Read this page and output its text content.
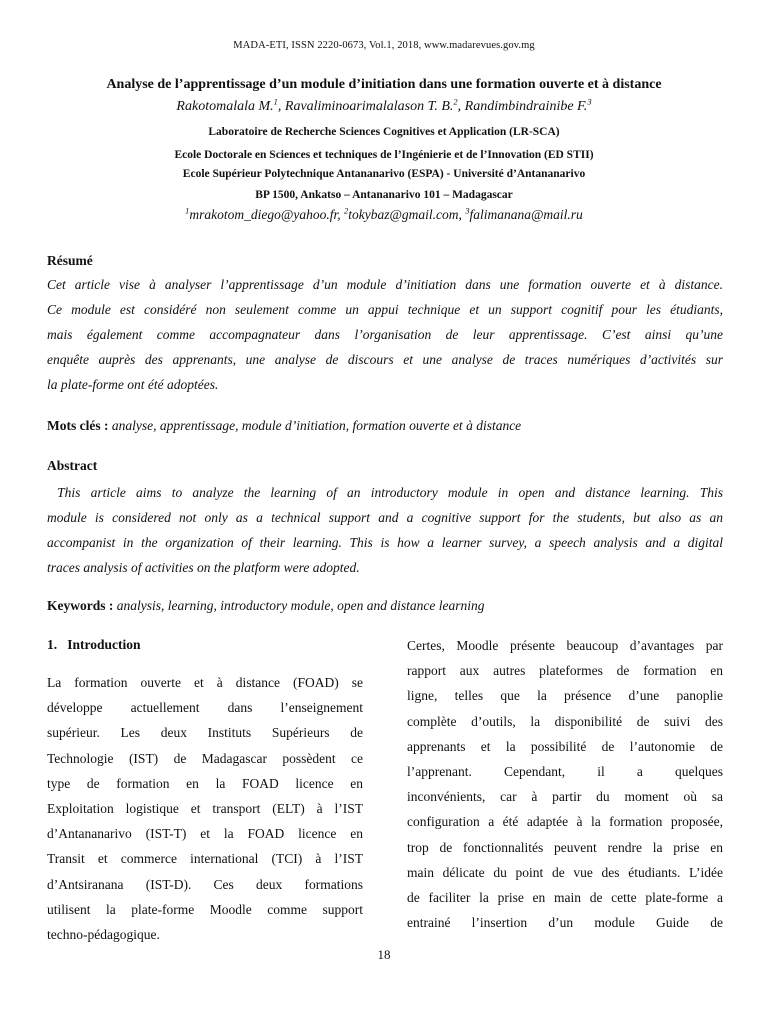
MADA-ETI, ISSN 2220-0673, Vol.1, 2018, www.madarevues.gov.mg
Analyse de l’apprentissage d’un module d’initiation dans une formation ouverte et à distance
Rakotomalala M.$^1$, Ravaliminoarimalalason T. B.$^2$, Randimbindrainibe F.$^3$
Laboratoire de Recherche Sciences Cognitives et Application (LR-SCA)
Ecole Doctorale en Sciences et techniques de l’Ingénierie et de l’Innovation (ED STII)
Ecole Supérieur Polytechnique Antananarivo (ESPA) - Université d’Antananarivo
BP 1500, Ankatso – Antananarivo 101 – Madagascar
$^1$mrakotom_diego@yahoo.fr, $^2$tokybaz@gmail.com, $^3$falimanana@mail.ru
Résumé
Cet article vise à analyser l’apprentissage d’un module d’initiation dans une formation ouverte et à distance.
Ce module est considéré non seulement comme un appui technique et un support cognitif pour les étudiants,
mais également comme accompagnateur dans l’organisation de leur apprentissage. C’est ainsi qu’une
enquête auprès des apprenants, une analyse de discours et une analyse de traces numériques d’activités sur
la plate-forme ont été adoptées.
Mots clés : analyse, apprentissage, module d’initiation, formation ouverte et à distance
Abstract
This article aims to analyze the learning of an introductory module in open and distance learning. This
module is considered not only as a technical support and a cognitive support for the students, but also as an
accompanist in the organization of their learning. This is how a learner survey, a speech analysis and a digital
traces analysis of activities on the platform were adopted.
Keywords : analysis, learning, introductory module, open and distance learning
1.   Introduction
La formation ouverte et à distance (FOAD) se
développe actuellement dans l’enseignement
supérieur. Les deux Instituts Supérieurs de
Technologie (IST) de Madagascar possèdent ce
type de formation en la FOAD licence en
Exploitation logistique et transport (ELT) à l’IST
d’Antananarivo (IST-T) et la FOAD licence en
Transit et commerce international (TCI) à l’IST
d’Antsiranana (IST-D). Ces deux formations
utilisent la plate-forme Moodle comme support
techno-pédagogique.
Certes, Moodle présente beaucoup d’avantages par
rapport aux autres plateformes de formation en
ligne, telles que la présence d’une panoplie
complète d’outils, la disponibilité de suivi des
apprenants et la possibilité de l’autonomie de
l’apprenant. Cependant, il a quelques
inconvénients, car à partir du moment où sa
configuration a été adaptée à la formation proposée,
trop de fonctionnalités peuvent rendre la prise en
main délicate du point de vue des étudiants. L’idée
de faciliter la prise en main de cette plate-forme a
entrainé l’insertion d’un module Guide de
18
